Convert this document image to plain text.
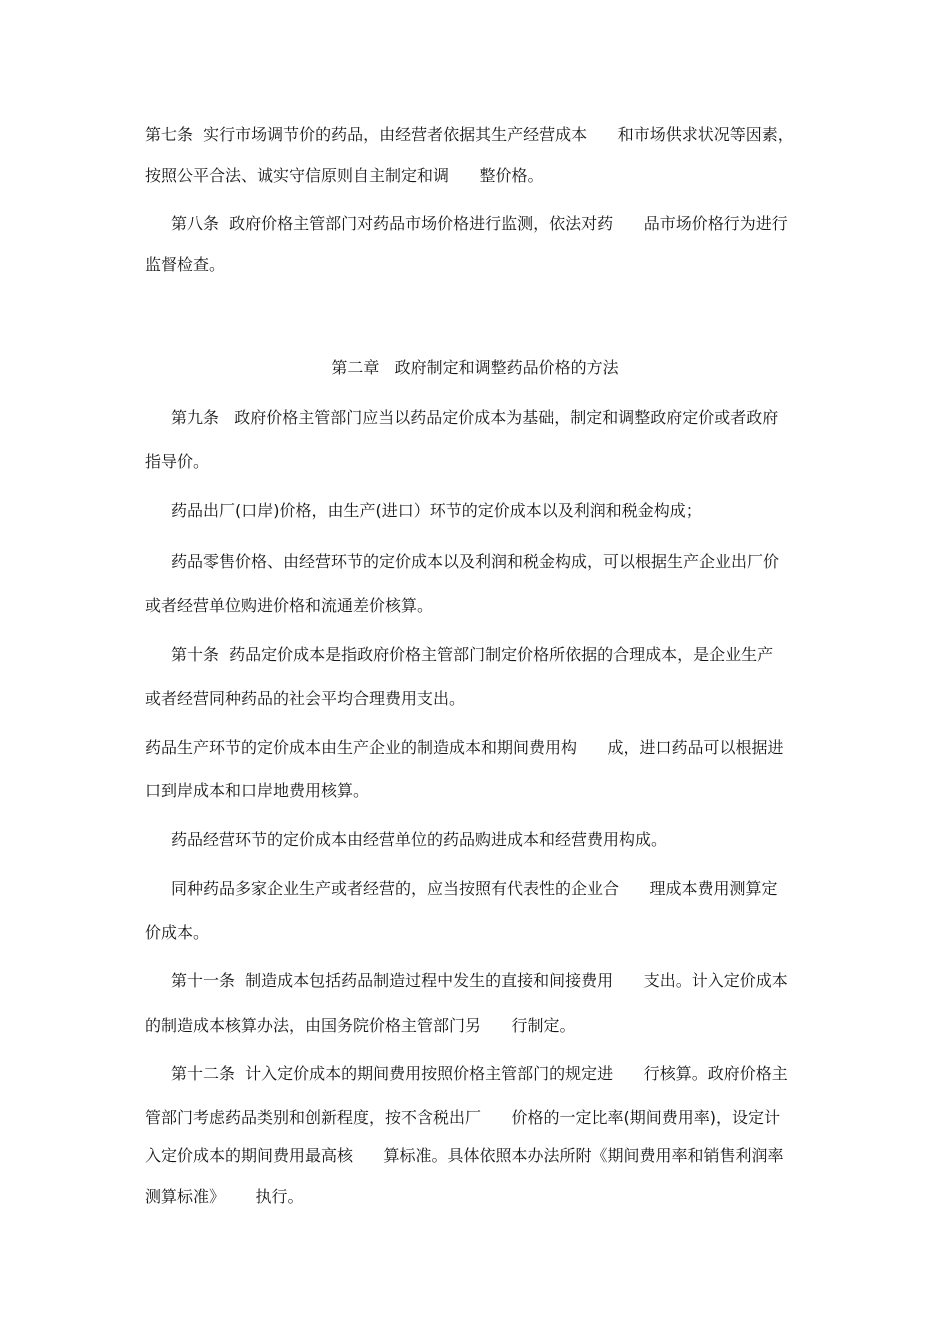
第七条  实行市场调节价的药品，由经营者依据其生产经营成本      和市场供求状况等因素，
按照公平合法、诚实守信原则自主制定和调      整价格。
第八条  政府价格主管部门对药品市场价格进行监测，依法对药      品市场价格行为进行
监督检查。
第二章   政府制定和调整药品价格的方法
第九条   政府价格主管部门应当以药品定价成本为基础，制定和调整政府定价或者政府
指导价。
药品出厂(口岸)价格，由生产(进口）环节的定价成本以及利润和税金构成；
药品零售价格、由经营环节的定价成本以及利润和税金构成，可以根据生产企业出厂价
或者经营单位购进价格和流通差价核算。
第十条  药品定价成本是指政府价格主管部门制定价格所依据的合理成本，是企业生产
或者经营同种药品的社会平均合理费用支出。
药品生产环节的定价成本由生产企业的制造成本和期间费用构      成，进口药品可以根据进
口到岸成本和口岸地费用核算。
药品经营环节的定价成本由经营单位的药品购进成本和经营费用构成。
同种药品多家企业生产或者经营的，应当按照有代表性的企业合      理成本费用测算定
价成本。
第十一条  制造成本包括药品制造过程中发生的直接和间接费用      支出。计入定价成本
的制造成本核算办法，由国务院价格主管部门另      行制定。
第十二条  计入定价成本的期间费用按照价格主管部门的规定进      行核算。政府价格主
管部门考虑药品类别和创新程度，按不含税出厂      价格的一定比率(期间费用率)，设定计
入定价成本的期间费用最高核      算标准。具体依照本办法所附《期间费用率和销售利润率
测算标准》      执行。
